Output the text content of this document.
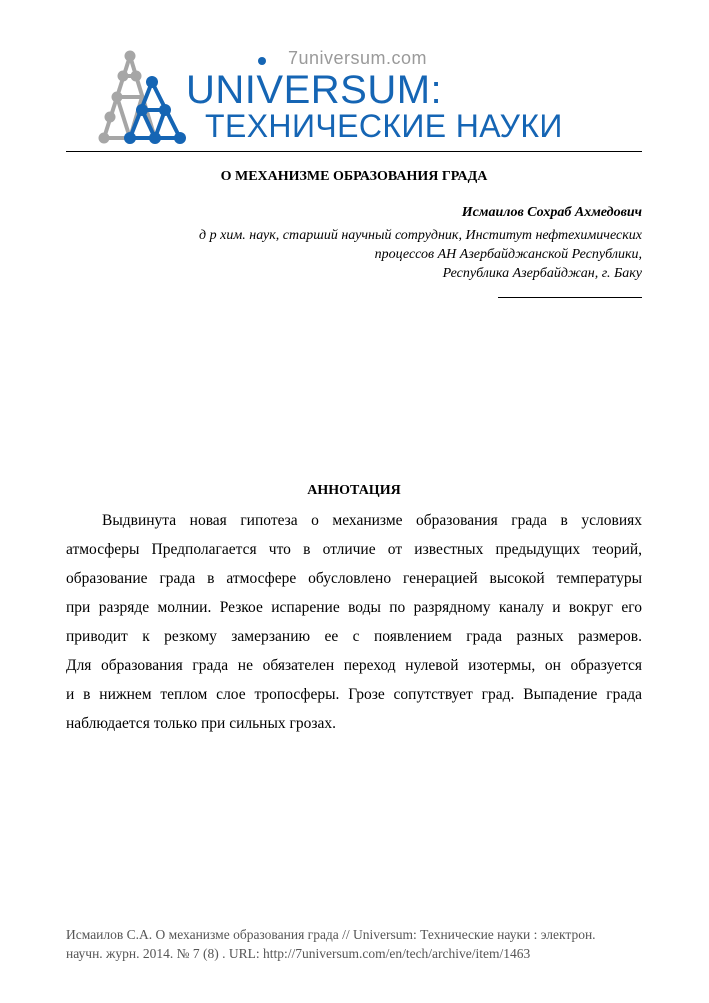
7universum.com
UNIVERSUM:
ТЕХНИЧЕСКИЕ НАУКИ
О МЕХАНИЗМЕ ОБРАЗОВАНИЯ ГРАДА
Исмаилов Сохраб Ахмедович
д р хим. наук, старший научный сотрудник, Институт нефтехимических
процессов АН Азербайджанской Республики,
Республика Азербайджан, г. Баку
АННОТАЦИЯ
Выдвинута новая гипотеза о механизме образования града в условиях
атмосферы Предполагается что в отличие от известных предыдущих теорий,
образование града в атмосфере обусловлено генерацией высокой температуры
при разряде молнии. Резкое испарение воды по разрядному каналу и вокруг его
приводит к резкому замерзанию ее с появлением града разных размеров.
Для образования града не обязателен переход нулевой изотермы, он образуется
и в нижнем теплом слое тропосферы. Грозе сопутствует град. Выпадение града
наблюдается только при сильных грозах.
Исмаилов С.А. О механизме образования града // Universum: Технические науки : электрон.
научн. журн. 2014. № 7 (8) . URL: http://7universum.com/en/tech/archive/item/1463
